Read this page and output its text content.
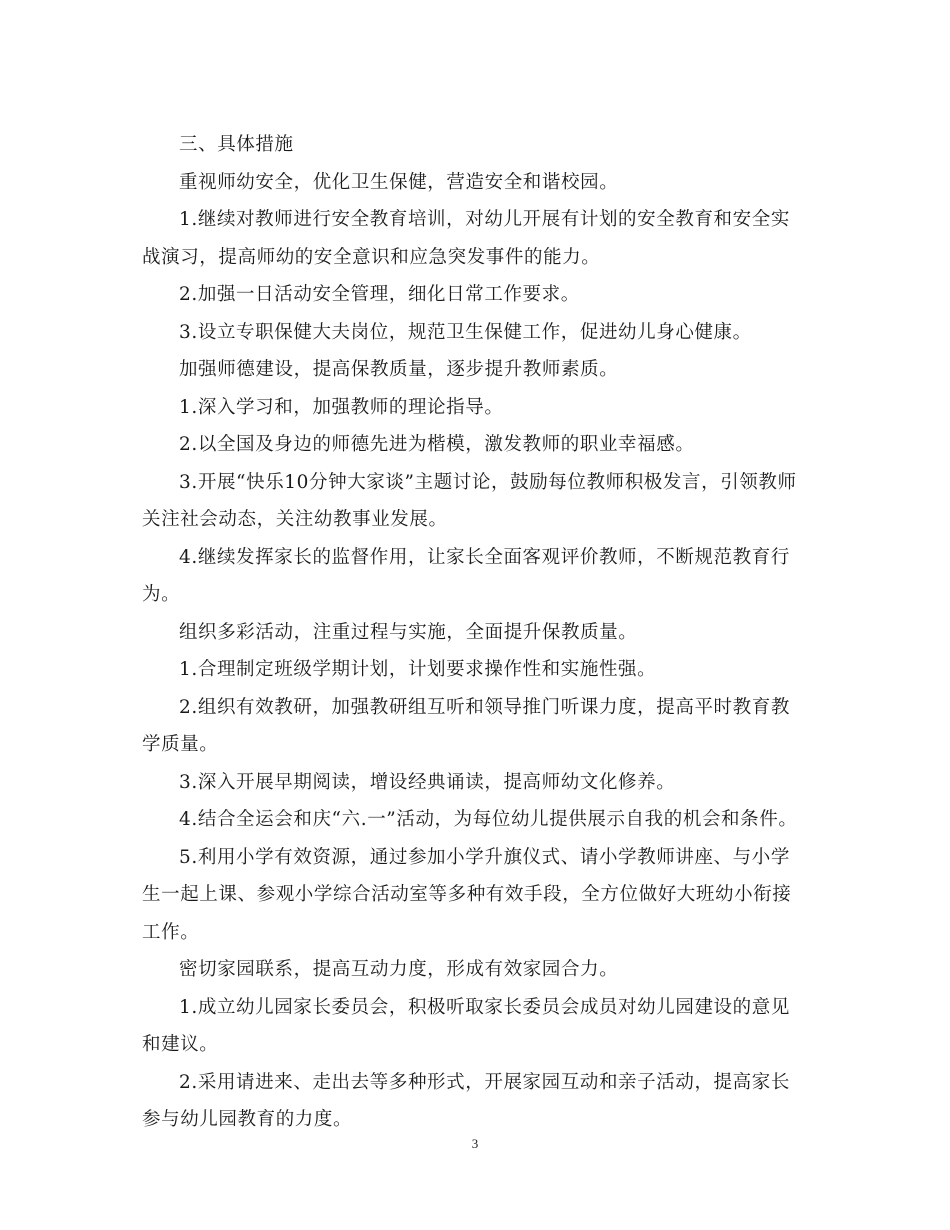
三、具体措施

重视师幼安全，优化卫生保健，营造安全和谐校园。

1.继续对教师进行安全教育培训，对幼儿开展有计划的安全教育和安全实战演习，提高师幼的安全意识和应急突发事件的能力。

2.加强一日活动安全管理，细化日常工作要求。

3.设立专职保健大夫岗位，规范卫生保健工作，促进幼儿身心健康。

加强师德建设，提高保教质量，逐步提升教师素质。

1.深入学习和，加强教师的理论指导。

2.以全国及身边的师德先进为楷模，激发教师的职业幸福感。

3.开展“快乐10分钟大家谈”主题讨论，鼓励每位教师积极发言，引领教师关注社会动态，关注幼教事业发展。

4.继续发挥家长的监督作用，让家长全面客观评价教师，不断规范教育行为。

组织多彩活动，注重过程与实施，全面提升保教质量。

1.合理制定班级学期计划，计划要求操作性和实施性强。

2.组织有效教研，加强教研组互听和领导推门听课力度，提高平时教育教学质量。

3.深入开展早期阅读，增设经典诵读，提高师幼文化修养。

4.结合全运会和庆“六.一”活动，为每位幼儿提供展示自我的机会和条件。

5.利用小学有效资源，通过参加小学升旗仪式、请小学教师讲座、与小学生一起上课、参观小学综合活动室等多种有效手段，全方位做好大班幼小衔接工作。

密切家园联系，提高互动力度，形成有效家园合力。

1.成立幼儿园家长委员会，积极听取家长委员会成员对幼儿园建设的意见和建议。

2.采用请进来、走出去等多种形式，开展家园互动和亲子活动，提高家长参与幼儿园教育的力度。

3
